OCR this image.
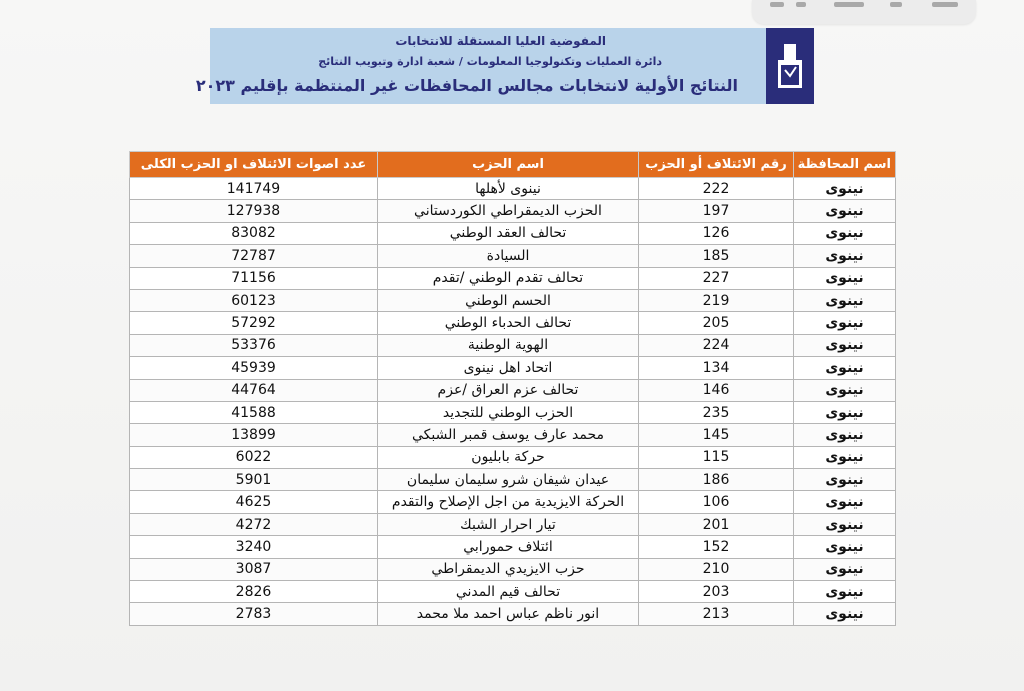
المفوضية العليا المستقلة للانتخابات
دائرة العمليات وتكنولوجيا المعلومات / شعبة ادارة وتبويب النتائج
النتائج الأولية لانتخابات مجالس المحافظات غير المنتظمة بإقليم ٢٠٢٣
اسم المحافظة	رقم الائتلاف أو الحزب	اسم الحزب	عدد اصوات الائتلاف او الحزب الكلى
نينوى	222	نينوى لأهلها	141749
نينوى	197	الحزب الديمقراطي الكوردستاني	127938
نينوى	126	تحالف العقد الوطني	83082
نينوى	185	السيادة	72787
نينوى	227	تحالف تقدم الوطني /تقدم	71156
نينوى	219	الحسم الوطني	60123
نينوى	205	تحالف الحدباء الوطني	57292
نينوى	224	الهوية الوطنية	53376
نينوى	134	اتحاد اهل نينوى	45939
نينوى	146	تحالف عزم العراق /عزم	44764
نينوى	235	الحزب الوطني للتجديد	41588
نينوى	145	محمد عارف يوسف قمبر الشبكي	13899
نينوى	115	حركة بابليون	6022
نينوى	186	عيدان شيفان شرو سليمان سليمان	5901
نينوى	106	الحركة الايزيدية من اجل الإصلاح والتقدم	4625
نينوى	201	تيار احرار الشبك	4272
نينوى	152	ائتلاف حمورابي	3240
نينوى	210	حزب الايزيدي الديمقراطي	3087
نينوى	203	تحالف قيم المدني	2826
نينوى	213	انور ناظم عباس احمد ملا محمد	2783
